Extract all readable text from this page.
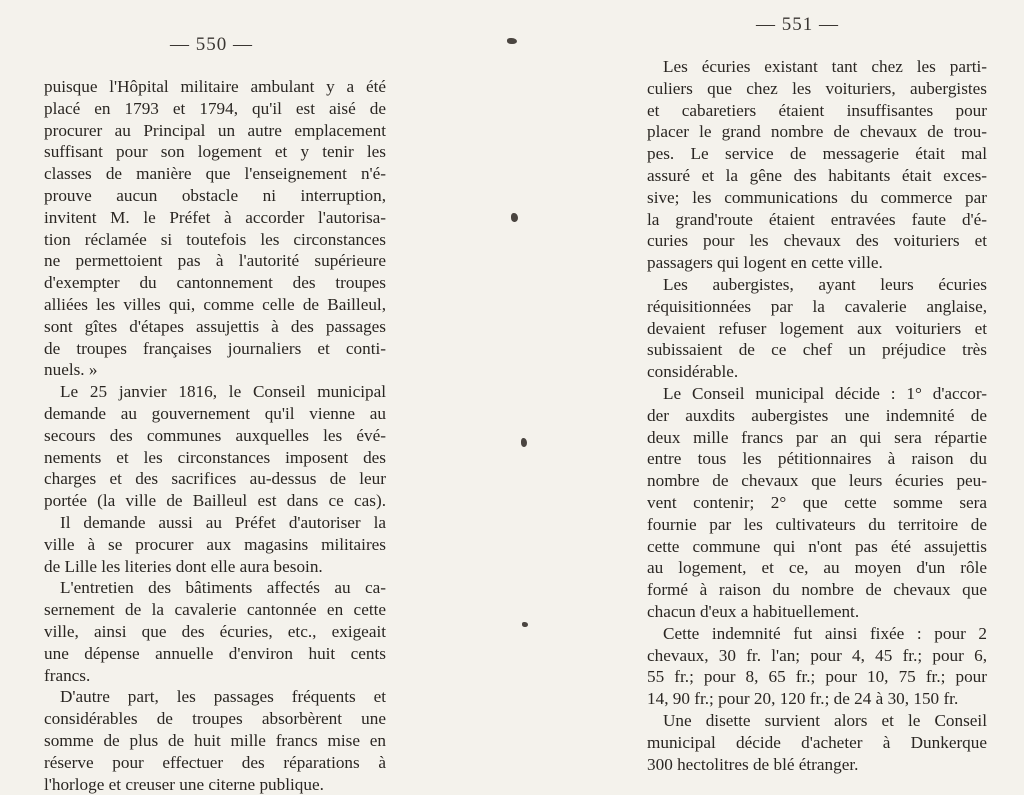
— 550 —
puisque l'Hôpital militaire ambulant y a été
placé en 1793 et 1794, qu'il est aisé de
procurer au Principal un autre emplacement
suffisant pour son logement et y tenir les
classes de manière que l'enseignement n'é-
prouve aucun obstacle ni interruption,
invitent M. le Préfet à accorder l'autorisa-
tion réclamée si toutefois les circonstances
ne permettoient pas à l'autorité supérieure
d'exempter du cantonnement des troupes
alliées les villes qui, comme celle de Bailleul,
sont gîtes d'étapes assujettis à des passages
de troupes françaises journaliers et conti-
nuels. »
Le 25 janvier 1816, le Conseil municipal
demande au gouvernement qu'il vienne au
secours des communes auxquelles les évé-
nements et les circonstances imposent des
charges et des sacrifices au-dessus de leur
portée (la ville de Bailleul est dans ce cas).
Il demande aussi au Préfet d'autoriser la
ville à se procurer aux magasins militaires
de Lille les literies dont elle aura besoin.
L'entretien des bâtiments affectés au ca-
sernement de la cavalerie cantonnée en cette
ville, ainsi que des écuries, etc., exigeait
une dépense annuelle d'environ huit cents
francs.
D'autre part, les passages fréquents et
considérables de troupes absorbèrent une
somme de plus de huit mille francs mise en
réserve pour effectuer des réparations à
l'horloge et creuser une citerne publique.
— 551 —
Les écuries existant tant chez les parti-
culiers que chez les voituriers, aubergistes
et cabaretiers étaient insuffisantes pour
placer le grand nombre de chevaux de trou-
pes. Le service de messagerie était mal
assuré et la gêne des habitants était exces-
sive; les communications du commerce par
la grand'route étaient entravées faute d'é-
curies pour les chevaux des voituriers et
passagers qui logent en cette ville.
Les aubergistes, ayant leurs écuries
réquisitionnées par la cavalerie anglaise,
devaient refuser logement aux voituriers et
subissaient de ce chef un préjudice très
considérable.
Le Conseil municipal décide : 1° d'accor-
der auxdits aubergistes une indemnité de
deux mille francs par an qui sera répartie
entre tous les pétitionnaires à raison du
nombre de chevaux que leurs écuries peu-
vent contenir; 2° que cette somme sera
fournie par les cultivateurs du territoire de
cette commune qui n'ont pas été assujettis
au logement, et ce, au moyen d'un rôle
formé à raison du nombre de chevaux que
chacun d'eux a habituellement.
Cette indemnité fut ainsi fixée : pour 2
chevaux, 30 fr. l'an; pour 4, 45 fr.; pour 6,
55 fr.; pour 8, 65 fr.; pour 10, 75 fr.; pour
14, 90 fr.; pour 20, 120 fr.; de 24 à 30, 150 fr.
Une disette survient alors et le Conseil
municipal décide d'acheter à Dunkerque
300 hectolitres de blé étranger.
